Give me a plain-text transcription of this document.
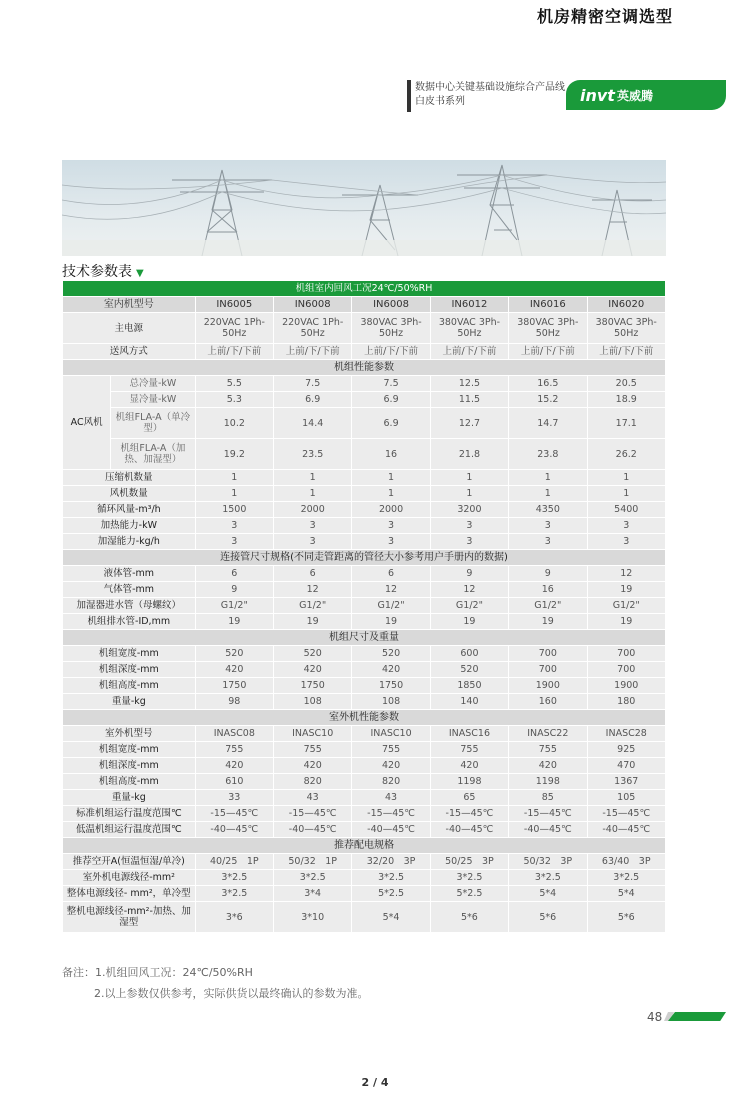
机房精密空调选型
数据中心关键基础设施综合产品线
白皮书系列	invt 英威腾
技术参数表 ▼
机组室内回风工况24℃/50%RH							
室内机型号		IN6005	IN6008	IN6008	IN6012	IN6016	IN6020
主电源		220VAC 1Ph-50Hz	220VAC 1Ph-50Hz	380VAC 3Ph-50Hz	380VAC 3Ph-50Hz	380VAC 3Ph-50Hz	380VAC 3Ph-50Hz
送风方式		上前/下/下前	上前/下/下前	上前/下/下前	上前/下/下前	上前/下/下前	上前/下/下前
机组性能参数							
AC风机	总冷量-kW	5.5	7.5	7.5	12.5	16.5	20.5
	显冷量-kW	5.3	6.9	6.9	11.5	15.2	18.9
	机组FLA-A（单冷型）	10.2	14.4	6.9	12.7	14.7	17.1
	机组FLA-A（加热、加湿型）	19.2	23.5	16	21.8	23.8	26.2
压缩机数量		1	1	1	1	1	1
风机数量		1	1	1	1	1	1
循环风量-m³/h		1500	2000	2000	3200	4350	5400
加热能力-kW		3	3	3	3	3	3
加湿能力-kg/h		3	3	3	3	3	3
连接管尺寸规格(不同走管距离的管径大小参考用户手册内的数据)							
液体管-mm		6	6	6	9	9	12
气体管-mm		9	12	12	12	16	19
加湿器进水管（母螺纹）		G1/2"	G1/2"	G1/2"	G1/2"	G1/2"	G1/2"
机组排水管-ID,mm		19	19	19	19	19	19
机组尺寸及重量							
机组宽度-mm		520	520	520	600	700	700
机组深度-mm		420	420	420	520	700	700
机组高度-mm		1750	1750	1750	1850	1900	1900
重量-kg		98	108	108	140	160	180
室外机性能参数							
室外机型号		INASC08	INASC10	INASC10	INASC16	INASC22	INASC28
机组宽度-mm		755	755	755	755	755	925
机组深度-mm		420	420	420	420	420	470
机组高度-mm		610	820	820	1198	1198	1367
重量-kg		33	43	43	65	85	105
标准机组运行温度范围℃		-15—45℃	-15—45℃	-15—45℃	-15—45℃	-15—45℃	-15—45℃
低温机组运行温度范围℃		-40—45℃	-40—45℃	-40—45℃	-40—45℃	-40—45℃	-40—45℃
推荐配电规格							
推荐空开A(恒温恒湿/单冷)		40/25　1P	50/32　1P	32/20　3P	50/25　3P	50/32　3P	63/40　3P
室外机电源线径-mm²		3*2.5	3*2.5	3*2.5	3*2.5	3*2.5	3*2.5
整体电源线径- mm²，单冷型		3*2.5	3*4	5*2.5	5*2.5	5*4	5*4
整机电源线径-mm²-加热、加湿型		3*6	3*10	5*4	5*6	5*6	5*6
备注：1.机组回风工况：24℃/50%RH
2.以上参数仅供参考，实际供货以最终确认的参数为准。
48
2 / 4
